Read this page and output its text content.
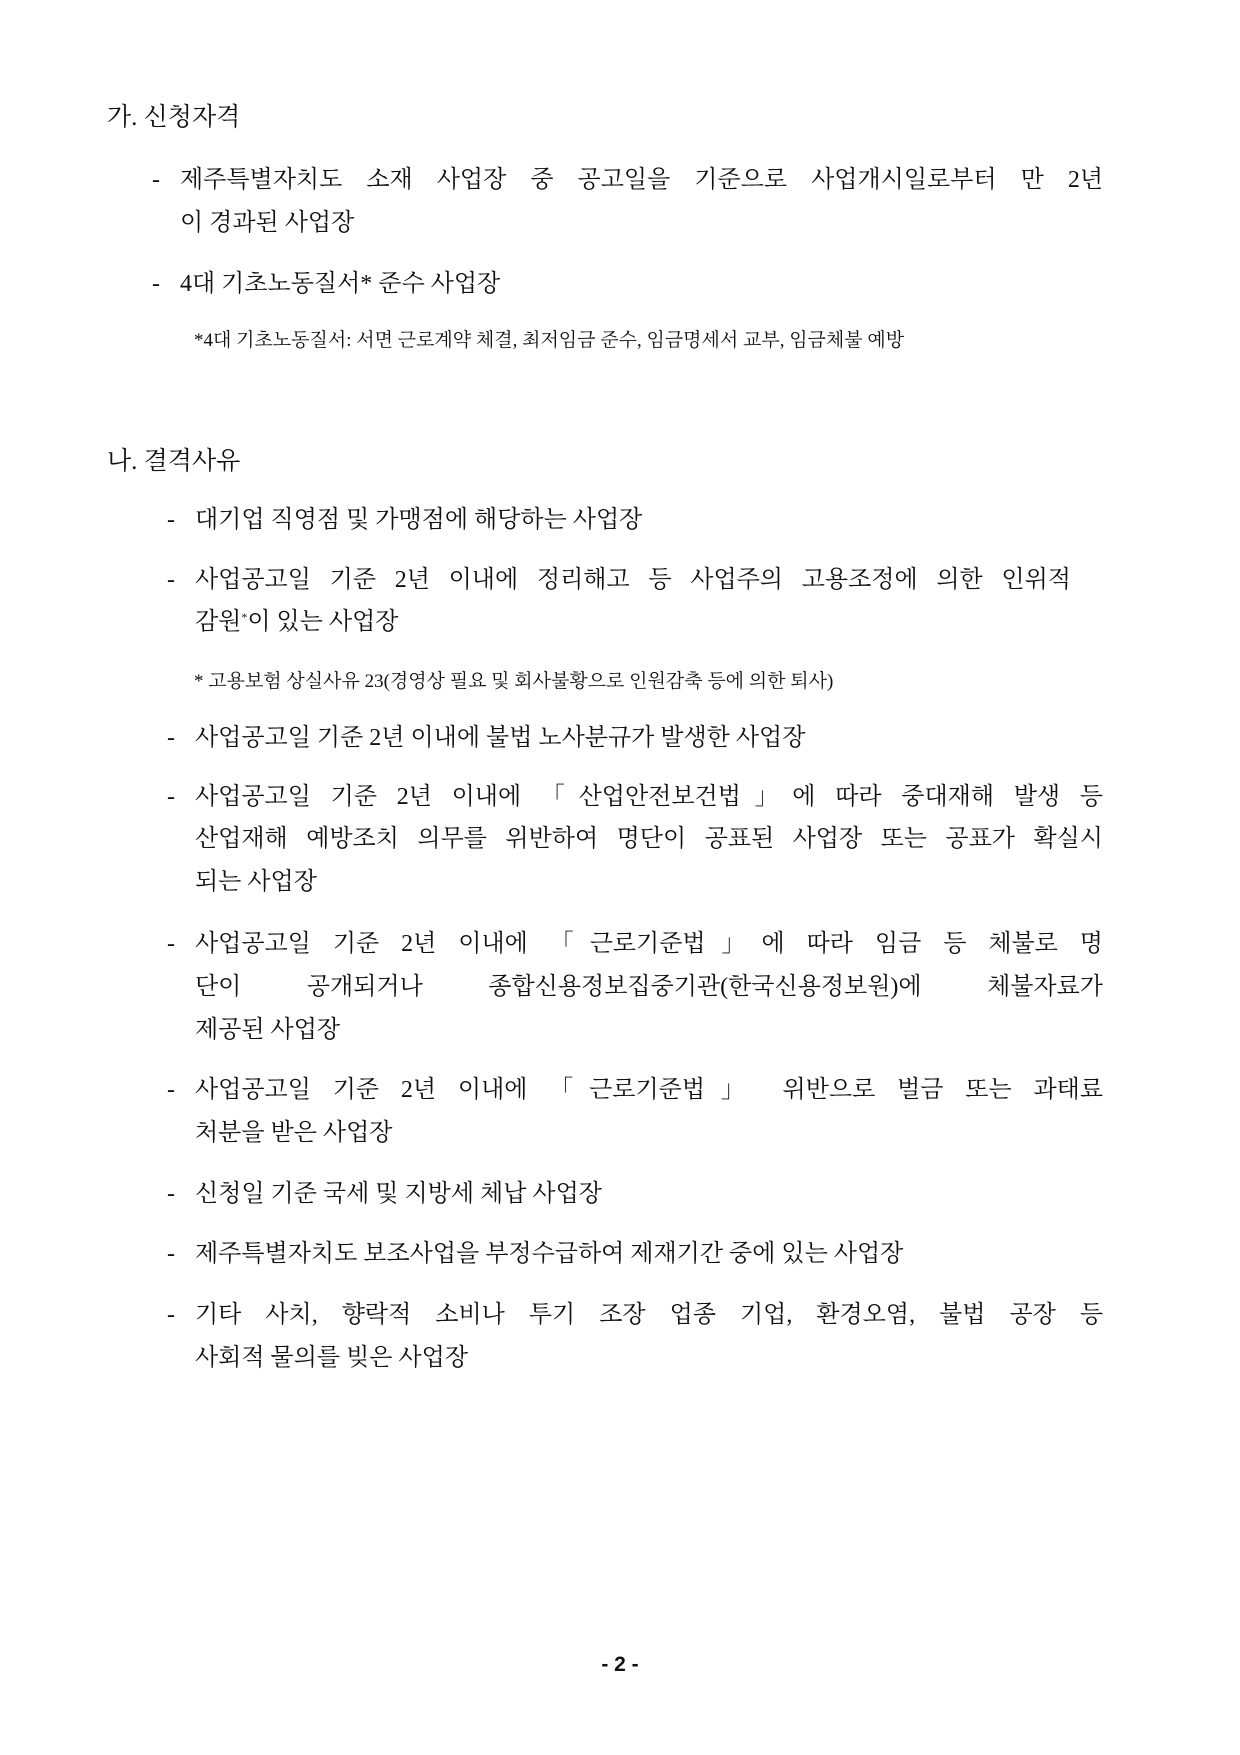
가. 신청자격
- 제주특별자치도 소재 사업장 중 공고일을 기준으로 사업개시일로부터 만 2년
이 경과된 사업장
- 4대 기초노동질서* 준수 사업장
*4대 기초노동질서: 서면 근로계약 체결, 최저임금 준수, 임금명세서 교부, 임금체불 예방
나. 결격사유
- 대기업 직영점 및 가맹점에 해당하는 사업장
- 사업공고일 기준 2년 이내에 정리해고 등 사업주의 고용조정에 의한 인위적
감원*이 있는 사업장
* 고용보험 상실사유 23(경영상 필요 및 회사불황으로 인원감축 등에 의한 퇴사)
- 사업공고일 기준 2년 이내에 불법 노사분규가 발생한 사업장
- 사업공고일 기준 2년 이내에 「산업안전보건법」에 따라 중대재해 발생 등
산업재해 예방조치 의무를 위반하여 명단이 공표된 사업장 또는 공표가 확실시
되는 사업장
- 사업공고일 기준 2년 이내에 「근로기준법」에 따라 임금 등 체불로 명
단이 공개되거나 종합신용정보집중기관(한국신용정보원)에 체불자료가
제공된 사업장
- 사업공고일 기준 2년 이내에 「근로기준법」 위반으로 벌금 또는 과태료
처분을 받은 사업장
- 신청일 기준 국세 및 지방세 체납 사업장
- 제주특별자치도 보조사업을 부정수급하여 제재기간 중에 있는 사업장
- 기타 사치, 향락적 소비나 투기 조장 업종 기업, 환경오염, 불법 공장 등
사회적 물의를 빚은 사업장
- 2 -
